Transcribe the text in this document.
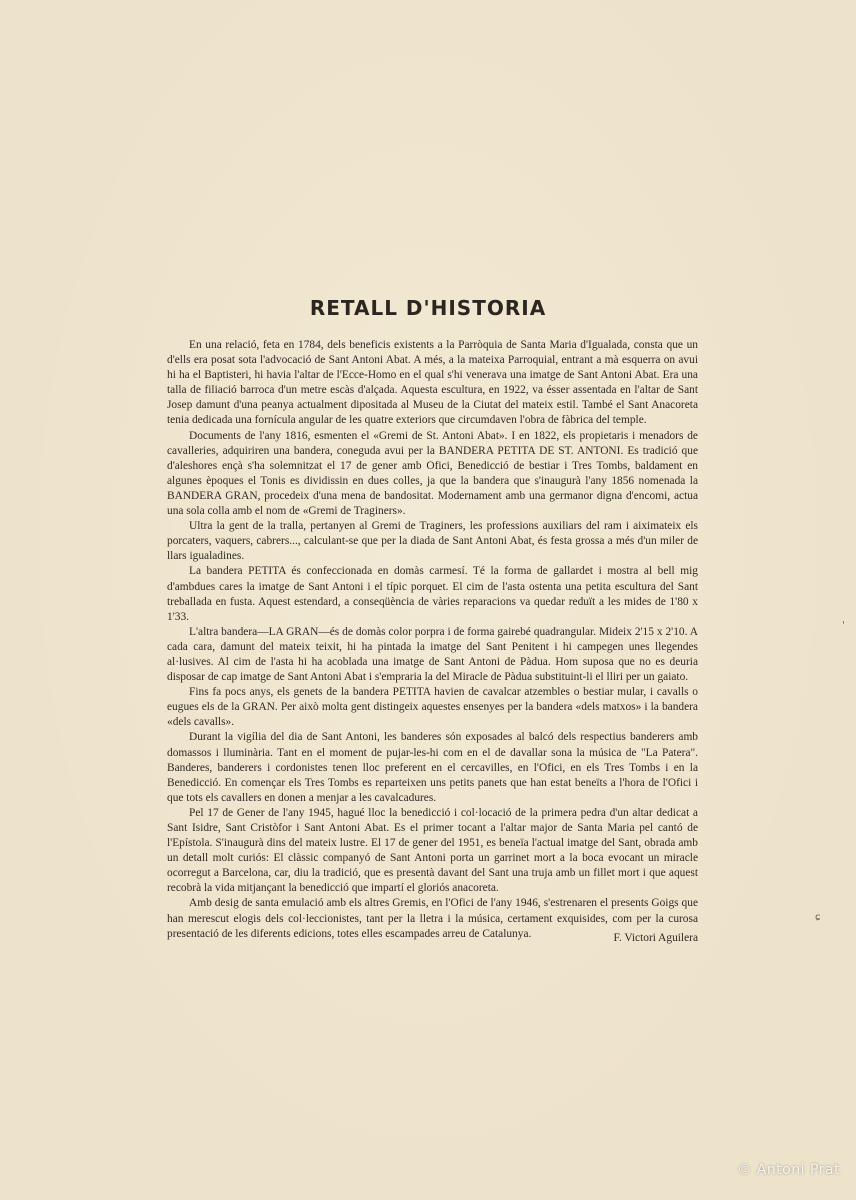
RETALL D'HISTORIA

En una relació, feta en 1784, dels beneficis existents a la Parròquia de Santa Maria d'Igualada, consta que un d'ells era posat sota l'advocació de Sant Antoni Abat. A més, a la mateixa Parroquial, entrant a mà esquerra on avui hi ha el Baptisteri, hi havia l'altar de l'Ecce-Homo en el qual s'hi venerava una imatge de Sant Antoni Abat. Era una talla de filiació barroca d'un metre escàs d'alçada. Aquesta escultura, en 1922, va ésser assentada en l'altar de Sant Josep damunt d'una peanya actualment dipositada al Museu de la Ciutat del mateix estil. També el Sant Anacoreta tenia dedicada una fornícula angular de les quatre exteriors que circumdaven l'obra de fàbrica del temple.

Documents de l'any 1816, esmenten el «Gremi de St. Antoni Abat». I en 1822, els propietaris i menadors de cavalleries, adquiriren una bandera, coneguda avui per la BANDERA PETITA DE ST. ANTONI. Es tradició que d'aleshores ençà s'ha solemnitzat el 17 de gener amb Ofici, Benedicció de bestiar i Tres Tombs, baldament en algunes èpoques el Tonis es dividissin en dues colles, ja que la bandera que s'inaugurà l'any 1856 nomenada la BANDERA GRAN, procedeix d'una mena de bandositat. Modernament amb una germanor digna d'encomi, actua una sola colla amb el nom de «Gremi de Traginers».

Ultra la gent de la tralla, pertanyen al Gremi de Traginers, les professions auxiliars del ram i aiximateix els porcaters, vaquers, cabrers..., calculant-se que per la diada de Sant Antoni Abat, és festa grossa a més d'un miler de llars igualadines.

La bandera PETITA és confeccionada en domàs carmesí. Té la forma de gallardet i mostra al bell mig d'ambdues cares la imatge de Sant Antoni i el típic porquet. El cim de l'asta ostenta una petita escultura del Sant treballada en fusta. Aquest estendard, a conseqüència de vàries reparacions va quedar reduït a les mides de 1'80 x 1'33.

L'altra bandera—LA GRAN—és de domàs color porpra i de forma gairebé quadrangular. Mideix 2'15 x 2'10. A cada cara, damunt del mateix teixit, hi ha pintada la imatge del Sant Penitent i hi campegen unes llegendes al·lusives. Al cim de l'asta hi ha acoblada una imatge de Sant Antoni de Pàdua. Hom suposa que no es deuria disposar de cap imatge de Sant Antoni Abat i s'empraria la del Miracle de Pàdua substituint-li el lliri per un gaiato.

Fins fa pocs anys, els genets de la bandera PETITA havien de cavalcar atzembles o bestiar mular, i cavalls o eugues els de la GRAN. Per això molta gent distingeix aquestes ensenyes per la bandera «dels matxos» i la bandera «dels cavalls».

Durant la vigília del dia de Sant Antoni, les banderes són exposades al balcó dels respectius banderers amb domassos i lluminària. Tant en el moment de pujar-les-hi com en el de davallar sona la música de "La Patera". Banderes, banderers i cordonistes tenen lloc preferent en el cercavilles, en l'Ofici, en els Tres Tombs i en la Benedicció. En començar els Tres Tombs es reparteixen uns petits panets que han estat beneïts a l'hora de l'Ofici i que tots els cavallers en donen a menjar a les cavalcadures.

Pel 17 de Gener de l'any 1945, hagué lloc la benedicció i col·locació de la primera pedra d'un altar dedicat a Sant Isidre, Sant Cristòfor i Sant Antoni Abat. Es el primer tocant a l'altar major de Santa Maria pel cantó de l'Epístola. S'inaugurà dins del mateix lustre. El 17 de gener del 1951, es beneïa l'actual imatge del Sant, obrada amb un detall molt curiós: El clàssic companyó de Sant Antoni porta un garrinet mort a la boca evocant un miracle ocorregut a Barcelona, car, diu la tradició, que es presentà davant del Sant una truja amb un fillet mort i que aquest recobrà la vida mitjançant la benedicció que impartí el gloriós anacoreta.

Amb desig de santa emulació amb els altres Gremis, en l'Ofici de l'any 1946, s'estrenaren el presents Goigs que han merescut elogis dels col·leccionistes, tant per la lletra i la música, certament exquisides, com per la curosa presentació de les diferents edicions, totes elles escampades arreu de Catalunya.	F. Victori Aguilera
'
ɕ
© Antoni Prat
